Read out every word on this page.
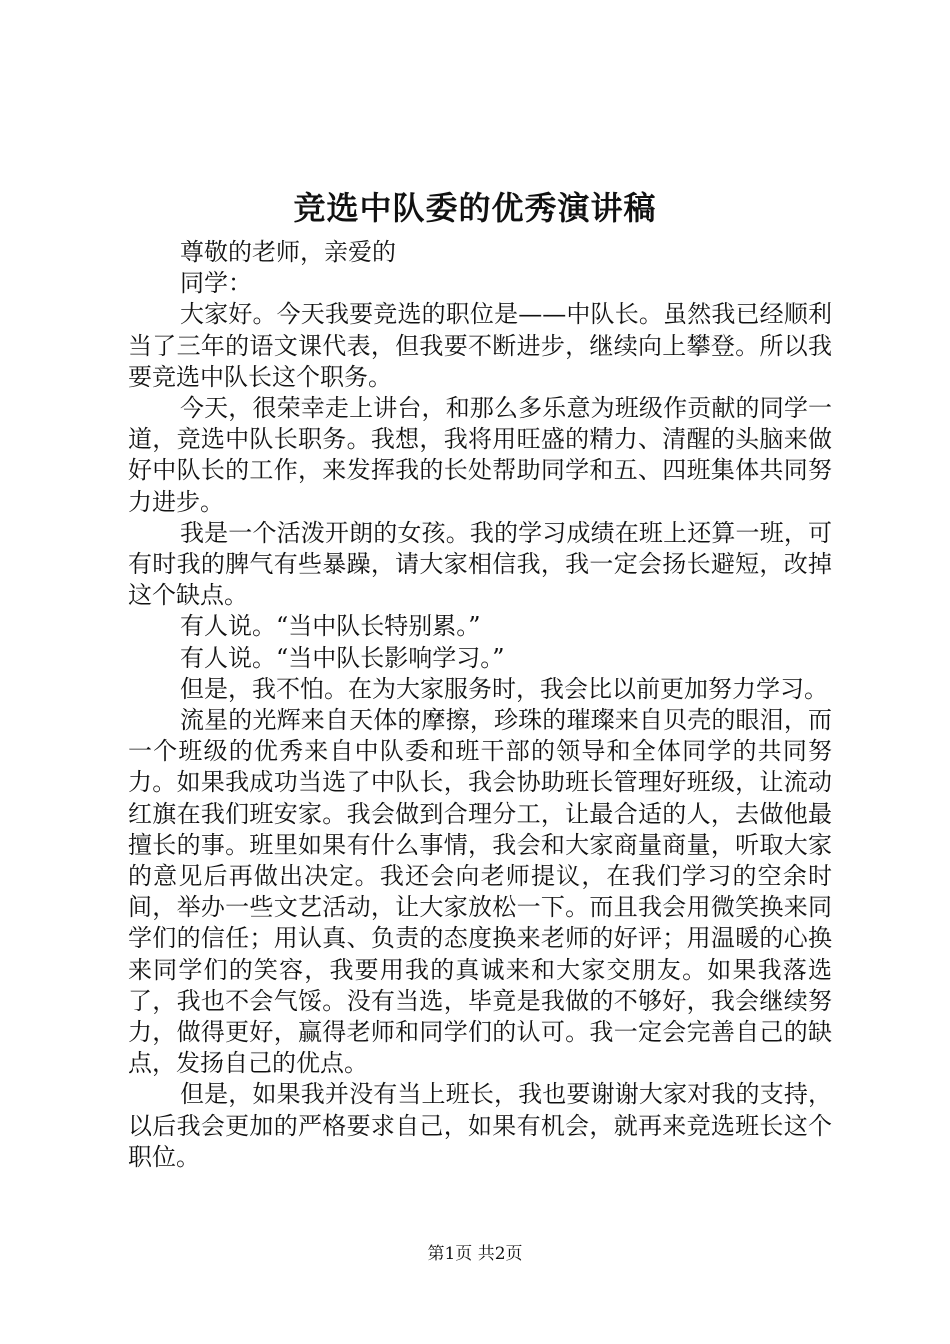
竞选中队委的优秀演讲稿

尊敬的老师，亲爱的

同学：

大家好。今天我要竞选的职位是——中队长。虽然我已经顺利当了三年的语文课代表，但我要不断进步，继续向上攀登。所以我要竞选中队长这个职务。

今天，很荣幸走上讲台，和那么多乐意为班级作贡献的同学一道，竞选中队长职务。我想，我将用旺盛的精力、清醒的头脑来做好中队长的工作，来发挥我的长处帮助同学和五、四班集体共同努力进步。

我是一个活泼开朗的女孩。我的学习成绩在班上还算一班，可有时我的脾气有些暴躁，请大家相信我，我一定会扬长避短，改掉这个缺点。

有人说。“当中队长特别累。”

有人说。“当中队长影响学习。”

但是，我不怕。在为大家服务时，我会比以前更加努力学习。

流星的光辉来自天体的摩擦，珍珠的璀璨来自贝壳的眼泪，而一个班级的优秀来自中队委和班干部的领导和全体同学的共同努力。如果我成功当选了中队长，我会协助班长管理好班级，让流动红旗在我们班安家。我会做到合理分工，让最合适的人，去做他最擅长的事。班里如果有什么事情，我会和大家商量商量，听取大家的意见后再做出决定。我还会向老师提议，在我们学习的空余时间，举办一些文艺活动，让大家放松一下。而且我会用微笑换来同学们的信任；用认真、负责的态度换来老师的好评；用温暖的心换来同学们的笑容，我要用我的真诚来和大家交朋友。如果我落选了，我也不会气馁。没有当选，毕竟是我做的不够好，我会继续努力，做得更好，赢得老师和同学们的认可。我一定会完善自己的缺点，发扬自己的优点。

但是，如果我并没有当上班长，我也要谢谢大家对我的支持，以后我会更加的严格要求自己，如果有机会，就再来竞选班长这个职位。

第1页 共2页
